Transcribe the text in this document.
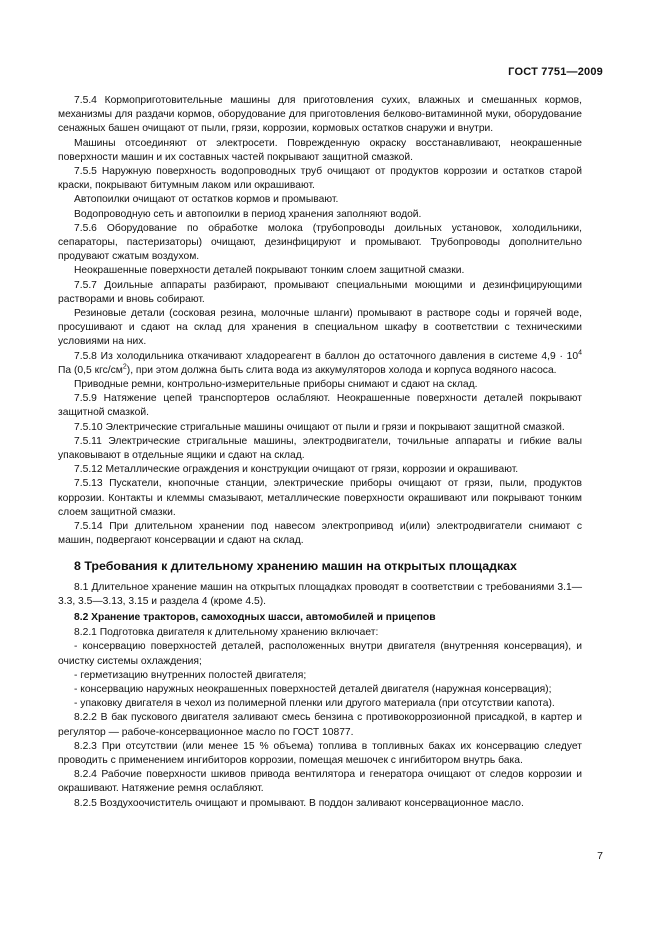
ГОСТ 7751—2009

7.5.4 Кормоприготовительные машины для приготовления сухих, влажных и смешанных кормов, механизмы для раздачи кормов, оборудование для приготовления белково-витаминной муки, оборудование сенажных башен очищают от пыли, грязи, коррозии, кормовых остатков снаружи и внутри.

Машины отсоединяют от электросети. Поврежденную окраску восстанавливают, неокрашенные поверхности машин и их составных частей покрывают защитной смазкой.

7.5.5 Наружную поверхность водопроводных труб очищают от продуктов коррозии и остатков старой краски, покрывают битумным лаком или окрашивают.

Автопоилки очищают от остатков кормов и промывают.

Водопроводную сеть и автопоилки в период хранения заполняют водой.

7.5.6 Оборудование по обработке молока (трубопроводы доильных установок, холодильники, сепараторы, пастеризаторы) очищают, дезинфицируют и промывают. Трубопроводы дополнительно продувают сжатым воздухом.

Неокрашенные поверхности деталей покрывают тонким слоем защитной смазки.

7.5.7 Доильные аппараты разбирают, промывают специальными моющими и дезинфицирующими растворами и вновь собирают.

Резиновые детали (сосковая резина, молочные шланги) промывают в растворе соды и горячей воде, просушивают и сдают на склад для хранения в специальном шкафу в соответствии с техническими условиями на них.

7.5.8 Из холодильника откачивают хладореагент в баллон до остаточного давления в системе $4,9 \cdot 10^4$ Па (0,5 кгс/$см^2$), при этом должна быть слита вода из аккумуляторов холода и корпуса водяного насоса.

Приводные ремни, контрольно-измерительные приборы снимают и сдают на склад.

7.5.9 Натяжение цепей транспортеров ослабляют. Неокрашенные поверхности деталей покрывают защитной смазкой.

7.5.10 Электрические стригальные машины очищают от пыли и грязи и покрывают защитной смазкой.

7.5.11 Электрические стригальные машины, электродвигатели, точильные аппараты и гибкие валы упаковывают в отдельные ящики и сдают на склад.

7.5.12 Металлические ограждения и конструкции очищают от грязи, коррозии и окрашивают.

7.5.13 Пускатели, кнопочные станции, электрические приборы очищают от грязи, пыли, продуктов коррозии. Контакты и клеммы смазывают, металлические поверхности окрашивают или покрывают тонким слоем защитной смазки.

7.5.14 При длительном хранении под навесом электропривод и(или) электродвигатели снимают с машин, подвергают консервации и сдают на склад.

8 Требования к длительному хранению машин на открытых площадках

8.1 Длительное хранение машин на открытых площадках проводят в соответствии с требованиями 3.1—3.3, 3.5—3.13, 3.15 и раздела 4 (кроме 4.5).

8.2 Хранение тракторов, самоходных шасси, автомобилей и прицепов

8.2.1 Подготовка двигателя к длительному хранению включает:

- консервацию поверхностей деталей, расположенных внутри двигателя (внутренняя консервация), и очистку системы охлаждения;

- герметизацию внутренних полостей двигателя;

- консервацию наружных неокрашенных поверхностей деталей двигателя (наружная консервация);

- упаковку двигателя в чехол из полимерной пленки или другого материала (при отсутствии капота).

8.2.2 В бак пускового двигателя заливают смесь бензина с противокоррозионной присадкой, в картер и регулятор — рабоче-консервационное масло по ГОСТ 10877.

8.2.3 При отсутствии (или менее 15 % объема) топлива в топливных баках их консервацию следует проводить с применением ингибиторов коррозии, помещая мешочек с ингибитором внутрь бака.

8.2.4 Рабочие поверхности шкивов привода вентилятора и генератора очищают от следов коррозии и окрашивают. Натяжение ремня ослабляют.

8.2.5 Воздухоочиститель очищают и промывают. В поддон заливают консервационное масло.

7
